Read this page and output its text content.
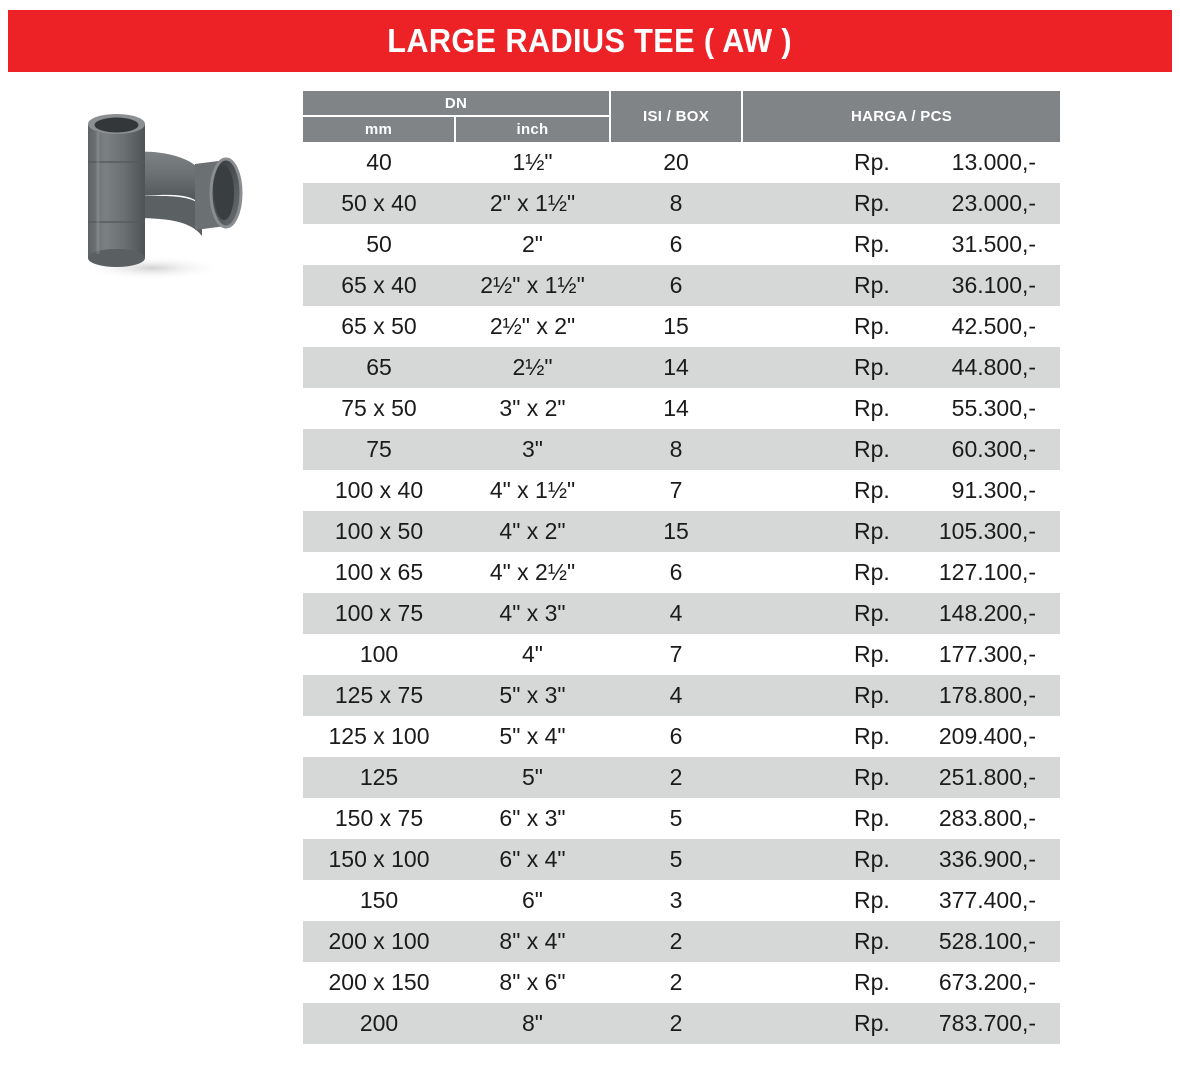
LARGE RADIUS TEE ( AW )
DN		ISI / BOX	HARGA / PCS
mm	inch		
40	1½"	20	Rp. 13.000 ,-

50 x 40	2" x 1½"	8	Rp. 23.000 ,-

50	2"	6	Rp. 31.500 ,-

65 x 40	2½" x 1½"	6	Rp. 36.100 ,-

65 x 50	2½" x 2"	15	Rp. 42.500 ,-

65	2½"	14	Rp. 44.800 ,-

75 x 50	3" x 2"	14	Rp. 55.300 ,-

75	3"	8	Rp. 60.300 ,-

100 x 40	4" x 1½"	7	Rp. 91.300 ,-

100 x 50	4" x 2"	15	Rp. 105.300 ,-

100 x 65	4" x 2½"	6	Rp. 127.100 ,-

100 x 75	4" x 3"	4	Rp. 148.200 ,-

100	4"	7	Rp. 177.300 ,-

125 x 75	5" x 3"	4	Rp. 178.800 ,-

125 x 100	5" x 4"	6	Rp. 209.400 ,-

125	5"	2	Rp. 251.800 ,-

150 x 75	6" x 3"	5	Rp. 283.800 ,-

150 x 100	6" x 4"	5	Rp. 336.900 ,-

150	6"	3	Rp. 377.400 ,-

200 x 100	8" x 4"	2	Rp. 528.100 ,-

200 x 150	8" x 6"	2	Rp. 673.200 ,-

200	8"	2	Rp. 783.700 ,-
